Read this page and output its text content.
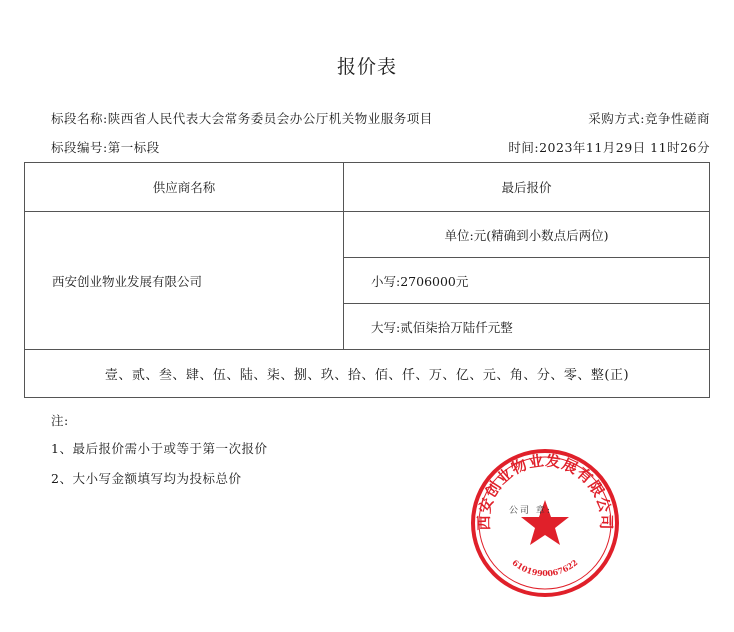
报价表
标段名称:陕西省人民代表大会常务委员会办公厅机关物业服务项目	采购方式:竞争性磋商
标段编号:第一标段	时间:2023年11月29日 11时26分
供应商名称	最后报价
西安创业物业发展有限公司	单位:元(精确到小数点后两位)
	小写:2706000元
	大写:贰佰柒拾万陆仟元整
壹、贰、叁、肆、伍、陆、柒、捌、玖、拾、佰、仟、万、亿、元、角、分、零、整(正)	
注:
1、最后报价需小于或等于第一次报价
2、大小写金额填写均为投标总价
西安创业物业发展有限公司
6101990067622
公司 章:
